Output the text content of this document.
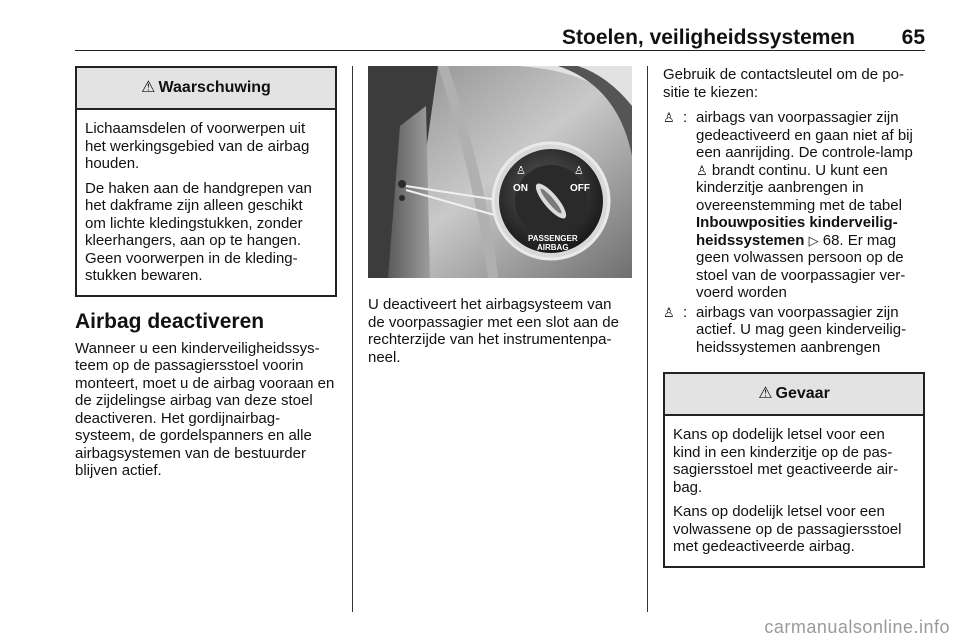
Stoelen, veiligheidssystemen 65
⚠ Waarschuwing

Lichaamsdelen of voorwerpen uit het werkingsgebied van de airbag houden.

De haken aan de handgrepen van het dakframe zijn alleen geschikt om lichte kledingstukken, zonder kleerhangers, aan op te hangen. Geen voorwerpen in de kleding-stukken bewaren.

Airbag deactiveren

Wanneer u een kinderveiligheidssys-teem op de passagiersstoel voorin monteert, moet u de airbag vooraan en de zijdelingse airbag van deze stoel deactiveren. Het gordijnairbag-systeem, de gordelspanners en alle airbagsystemen van de bestuurder blijven actief.

ON	OFF
PASSENGER
AIRBAG
♙	♙

U deactiveert het airbagsysteem van de voorpassagier met een slot aan de rechterzijde van het instrumentenpa-neel.

Gebruik de contactsleutel om de po-sitie te kiezen:

♙ : airbags van voorpassagier zijn gedeactiveerd en gaan niet af bij een aanrijding. De controle-lamp ♙ brandt continu. U kunt een kinderzitje aanbrengen in overeenstemming met de tabel Inbouwposities kinderveilig-heidssystemen ▷ 68. Er mag geen volwassen persoon op de stoel van de voorpassagier ver-voerd worden
♙ : airbags van voorpassagier zijn actief. U mag geen kinderveilig-heidssystemen aanbrengen
⚠ Gevaar

Kans op dodelijk letsel voor een kind in een kinderzitje op de pas-sagiersstoel met geactiveerde air-bag.

Kans op dodelijk letsel voor een volwassene op de passagiersstoel met gedeactiveerde airbag.

carmanualsonline.info
